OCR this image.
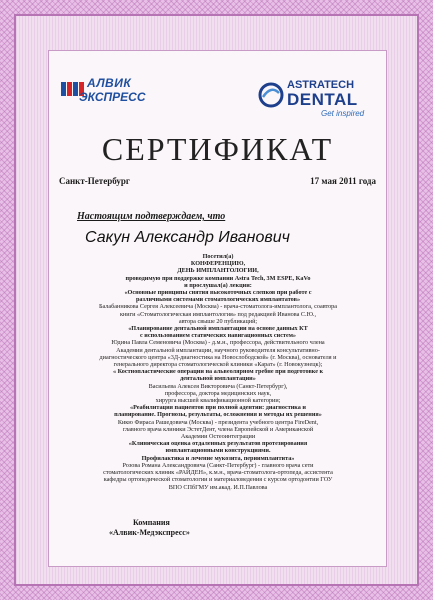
АЛВИК
ЭКСПРЕСС
ASTRATECH
DENTAL
Get inspired
СЕРТИФИКАТ
Санкт-Петербург	17 мая 2011 года
Настоящим подтверждаем, что
Сакун Александр Иванович
Посетил(а)
КОНФЕРЕНЦИЮ,
ДЕНЬ ИМПЛАНТОЛОГИИ,
проводимую при поддержке компании Astra Tech, 3M ESPE, KaVo
и прослушал(а) лекции:
«Основные принципы снятия высокоточных слепков при работе с
различными системами стоматологических имплантатов»
Балабанникова Сергея Алексеевича (Москва) - врача-стоматолога-имплантолога, соавтора
книги «Стоматологическая имплантология» под редакцией Иванова С.Ю.,
автора свыше 20 публикаций;
«Планирование дентальной имплантации на основе данных КТ
с использованием статических навигационных систем»
Юдина Павла Семеновича (Москва) - д.м.н., профессора, действительного члена
Академии дентальной имплантации, научного руководителя консультативно-
диагностического центра «3Д-диагностика на Новослободской» (г. Москва), основателя и
генерального директора стоматологической клиники «Карат» (г. Новокузнецк);
« Костнопластические операции на альвеолярном гребне при подготовке к
дентальной имплантации»
Васильева Алексея Викторовича (Санкт-Петербург),
профессора, доктора медицинских наук,
хирурга высшей квалификационной категории;
«Реабилитация пациентов при полной адентии: диагностика и
планирование. Прогнозы, результаты, осложнения и методы их решения»
Кикю Фираса Рашедовича (Москва) - президента учебного центра FireDent,
главного врача клиники ЭстетДент, члена Европейской и Американской
Академии Остеоинтеграции
«Клиническая оценка отдаленных результатов протезирования
имплантационными конструкциями.
Профилактика и лечение мукозита, периимплантита»
Розова Романа Александровича (Санкт-Петербург) - главного врача сети
стоматологических клиник «РАЙДЕН», к.м.н., врача-стоматолога-ортопеда, ассистента
кафедры ортопедической стоматологии и материаловедения с курсом ортодонтии ГОУ
ВПО СПбГМУ им.акад. И.П.Павлова
Компания
«Алвик-Медэкспресс»
